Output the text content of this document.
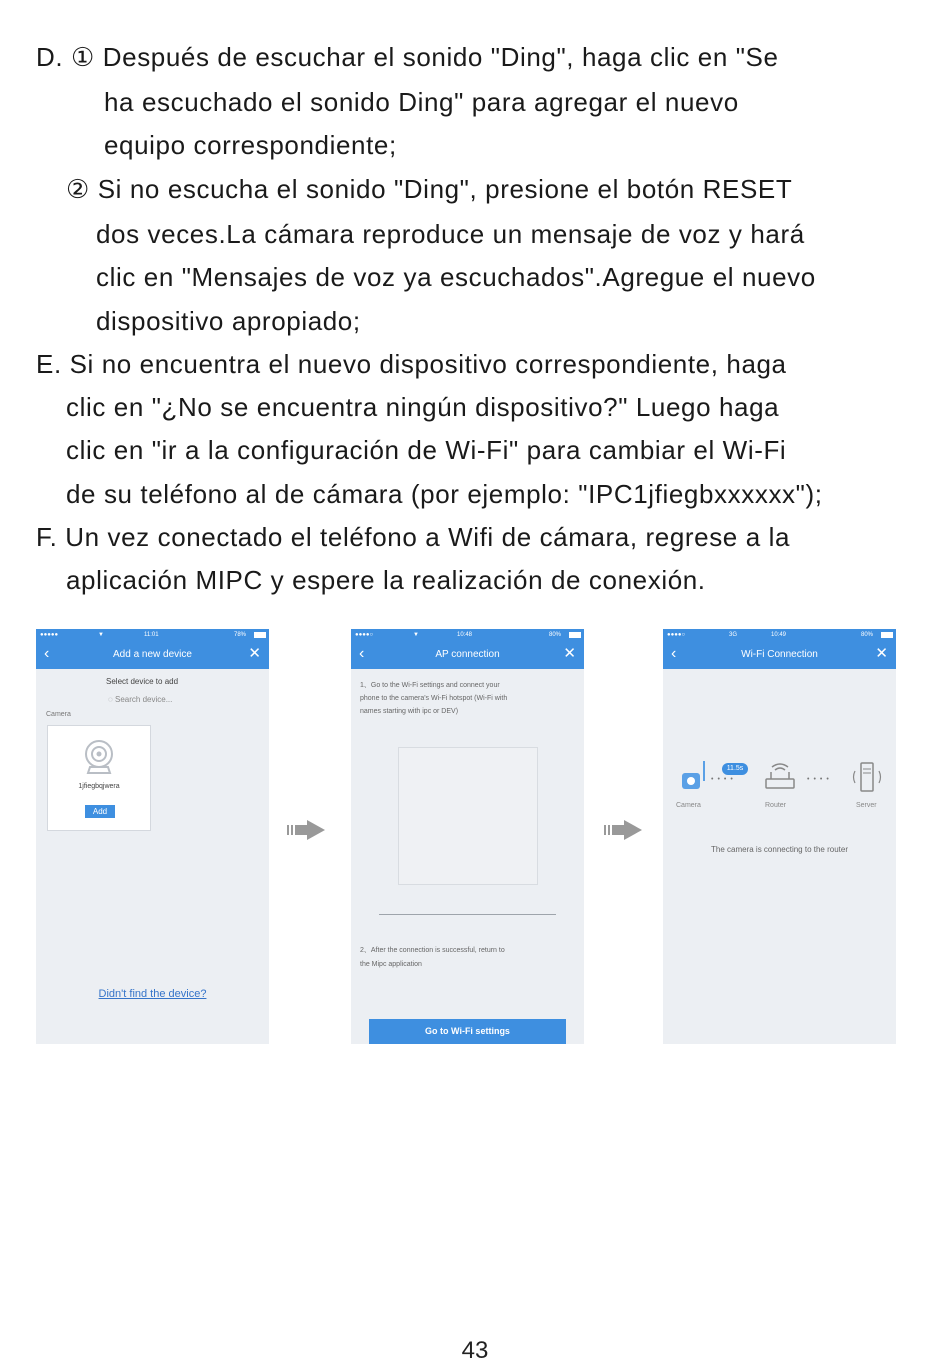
D. ① Después de escuchar el sonido "Ding", haga clic en "Se
ha escuchado el sonido Ding" para agregar el nuevo
equipo correspondiente;
② Si no escucha el sonido "Ding", presione el botón RESET
dos veces.La cámara reproduce un mensaje de voz y hará
clic en "Mensajes de voz ya escuchados".Agregue el nuevo
dispositivo apropiado;
E. Si no encuentra el nuevo dispositivo correspondiente, haga
clic en "¿No se encuentra ningún dispositivo?" Luego haga
clic en "ir a la configuración de Wi-Fi" para cambiar el Wi-Fi
de su teléfono al de cámara (por ejemplo: "IPC1jfiegbxxxxxx");
F. Un vez conectado el teléfono a Wifi de cámara, regrese a la
aplicación MIPC y espere la realización de conexión.
●●●●●	▼	11:01	78%
‹	Add a new device	✕
Select device to add
◌ Search device...
Camera
1jfiegbqjwera
Add
Didn't find the device?
●●●●○	▼	10:48	80%
‹	AP connection	✕
1、Go to the Wi-Fi settings and connect your
phone to the camera's Wi-Fi hotspot (Wi-Fi with
names starting with ipc or DEV)
2、After the connection is successful, return to
the Mipc application
Go to Wi-Fi settings
●●●●○	3G	10:49	80%
‹	Wi-Fi Connection	✕
11.5s
••••	••••
Camera	Router	Server
The camera is connecting to the router
43
